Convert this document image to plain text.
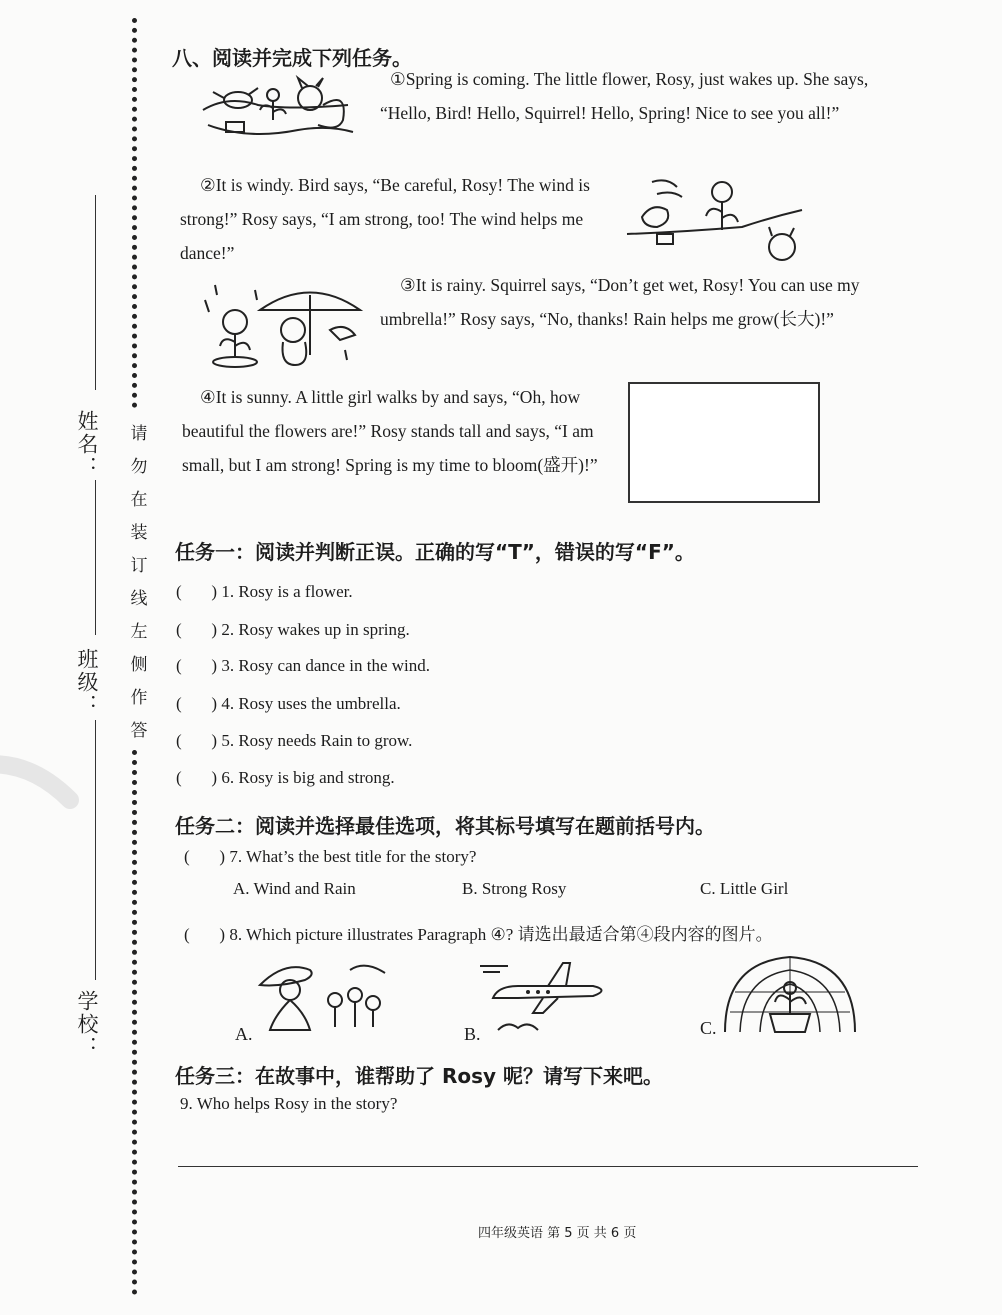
姓名：
班级：
学校：
请
勿
在
装
订
线
左
侧
作
答
八、阅读并完成下列任务。
①Spring is coming. The little flower, Rosy, just wakes up. She says, “Hello, Bird! Hello, Squirrel! Hello, Spring! Nice to see you all!”
②It is windy. Bird says, “Be careful, Rosy! The wind is strong!” Rosy says, “I am strong, too! The wind helps me dance!”
③It is rainy. Squirrel says, “Don’t get wet, Rosy! You can use my umbrella!” Rosy says, “No, thanks! Rain helps me grow(长大)!”
④It is sunny. A little girl walks by and says, “Oh, how beautiful the flowers are!” Rosy stands tall and says, “I am small, but I am strong! Spring is my time to bloom(盛开)!”
任务一：阅读并判断正误。正确的写“T”，错误的写“F”。
(       ) 1. Rosy is a flower.
(       ) 2. Rosy wakes up in spring.
(       ) 3. Rosy can dance in the wind.
(       ) 4. Rosy uses the umbrella.
(       ) 5. Rosy needs Rain to grow.
(       ) 6. Rosy is big and strong.
任务二：阅读并选择最佳选项，将其标号填写在题前括号内。
(       ) 7. What’s the best title for the story?
A. Wind and Rain	B. Strong Rosy	C. Little Girl
(       ) 8. Which picture illustrates Paragraph ④? 请选出最适合第④段内容的图片。
A.	B.	C.
任务三：在故事中，谁帮助了 Rosy 呢？请写下来吧。
9. Who helps Rosy in the story?
四年级英语 第 5 页 共 6 页
